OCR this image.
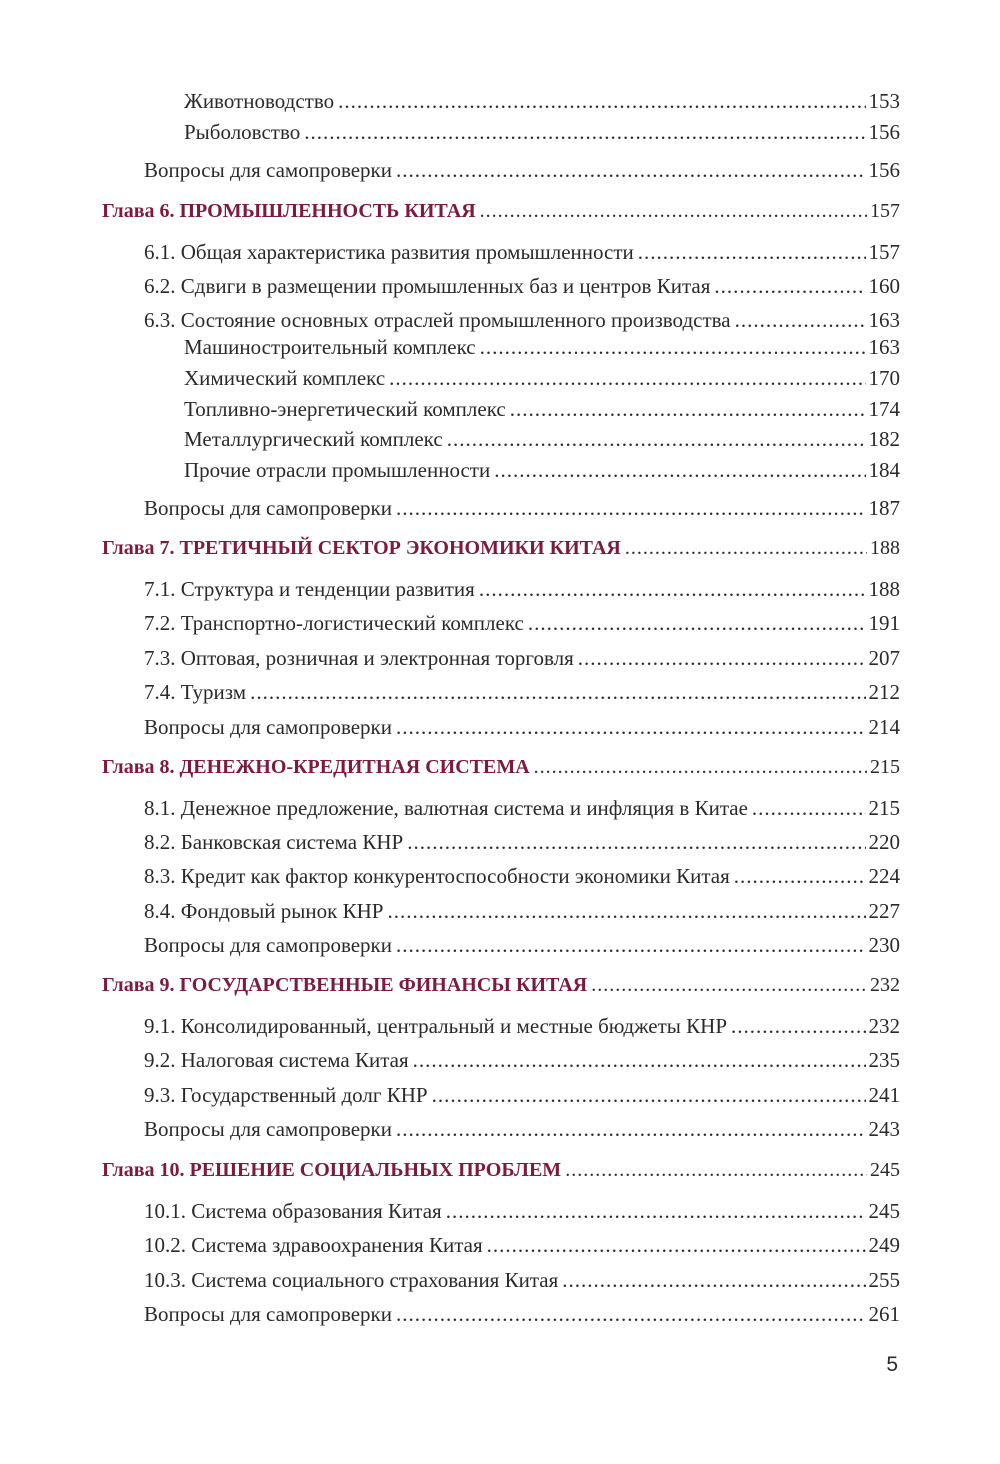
Животноводство .....	153
Рыболовство .....	156
Вопросы для самопроверки .....	156
Глава 6. ПРОМЫШЛЕННОСТЬ КИТАЯ .....	157
6.1. Общая характеристика развития промышленности .....	157
6.2. Сдвиги в размещении промышленных баз и центров Китая .....	160
6.3. Состояние основных отраслей промышленного производства .....	163
Машиностроительный комплекс .....	163
Химический комплекс .....	170
Топливно-энергетический комплекс .....	174
Металлургический комплекс .....	182
Прочие отрасли промышленности .....	184
Вопросы для самопроверки .....	187
Глава 7. ТРЕТИЧНЫЙ СЕКТОР ЭКОНОМИКИ КИТАЯ .....	188
7.1. Структура и тенденции развития .....	188
7.2. Транспортно-логистический комплекс .....	191
7.3. Оптовая, розничная и электронная торговля .....	207
7.4. Туризм .....	212
Вопросы для самопроверки .....	214
Глава 8. ДЕНЕЖНО-КРЕДИТНАЯ СИСТЕМА .....	215
8.1. Денежное предложение, валютная система и инфляция в Китае .....	215
8.2. Банковская система КНР .....	220
8.3. Кредит как фактор конкурентоспособности экономики Китая .....	224
8.4. Фондовый рынок КНР .....	227
Вопросы для самопроверки .....	230
Глава 9. ГОСУДАРСТВЕННЫЕ ФИНАНСЫ КИТАЯ .....	232
9.1. Консолидированный, центральный и местные бюджеты КНР .....	232
9.2. Налоговая система Китая .....	235
9.3. Государственный долг КНР .....	241
Вопросы для самопроверки .....	243
Глава 10. РЕШЕНИЕ СОЦИАЛЬНЫХ ПРОБЛЕМ .....	245
10.1. Система образования Китая .....	245
10.2. Система здравоохранения Китая .....	249
10.3. Система социального страхования Китая .....	255
Вопросы для самопроверки .....	261
5
